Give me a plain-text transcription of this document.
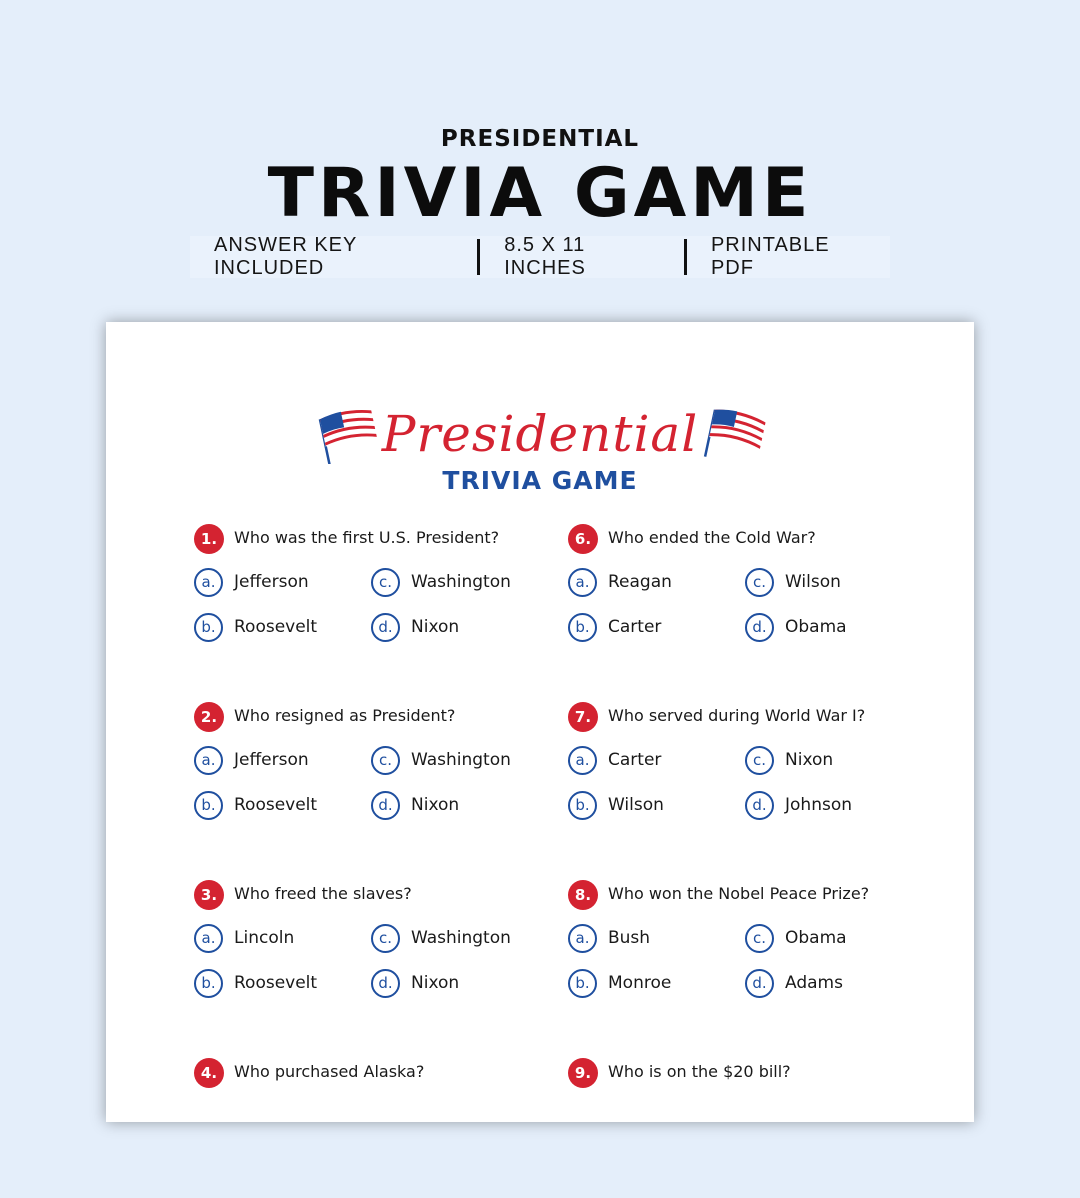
PRESIDENTIAL
TRIVIA GAME
ANSWER KEY INCLUDED
8.5 X 11 INCHES
PRINTABLE PDF
Presidential
TRIVIA GAME
1.	Who was the first U.S. President?
a.	Jefferson	c.	Washington
b.	Roosevelt	d.	Nixon
2.	Who resigned as President?
a.	Jefferson	c.	Washington
b.	Roosevelt	d.	Nixon
3.	Who freed the slaves?
a.	Lincoln	c.	Washington
b.	Roosevelt	d.	Nixon
4.	Who purchased Alaska?
6.	Who ended the Cold War?
a.	Reagan	c.	Wilson
b.	Carter	d.	Obama
7.	Who served during World War I?
a.	Carter	c.	Nixon
b.	Wilson	d.	Johnson
8.	Who won the Nobel Peace Prize?
a.	Bush	c.	Obama
b.	Monroe	d.	Adams
9.	Who is on the $20 bill?
